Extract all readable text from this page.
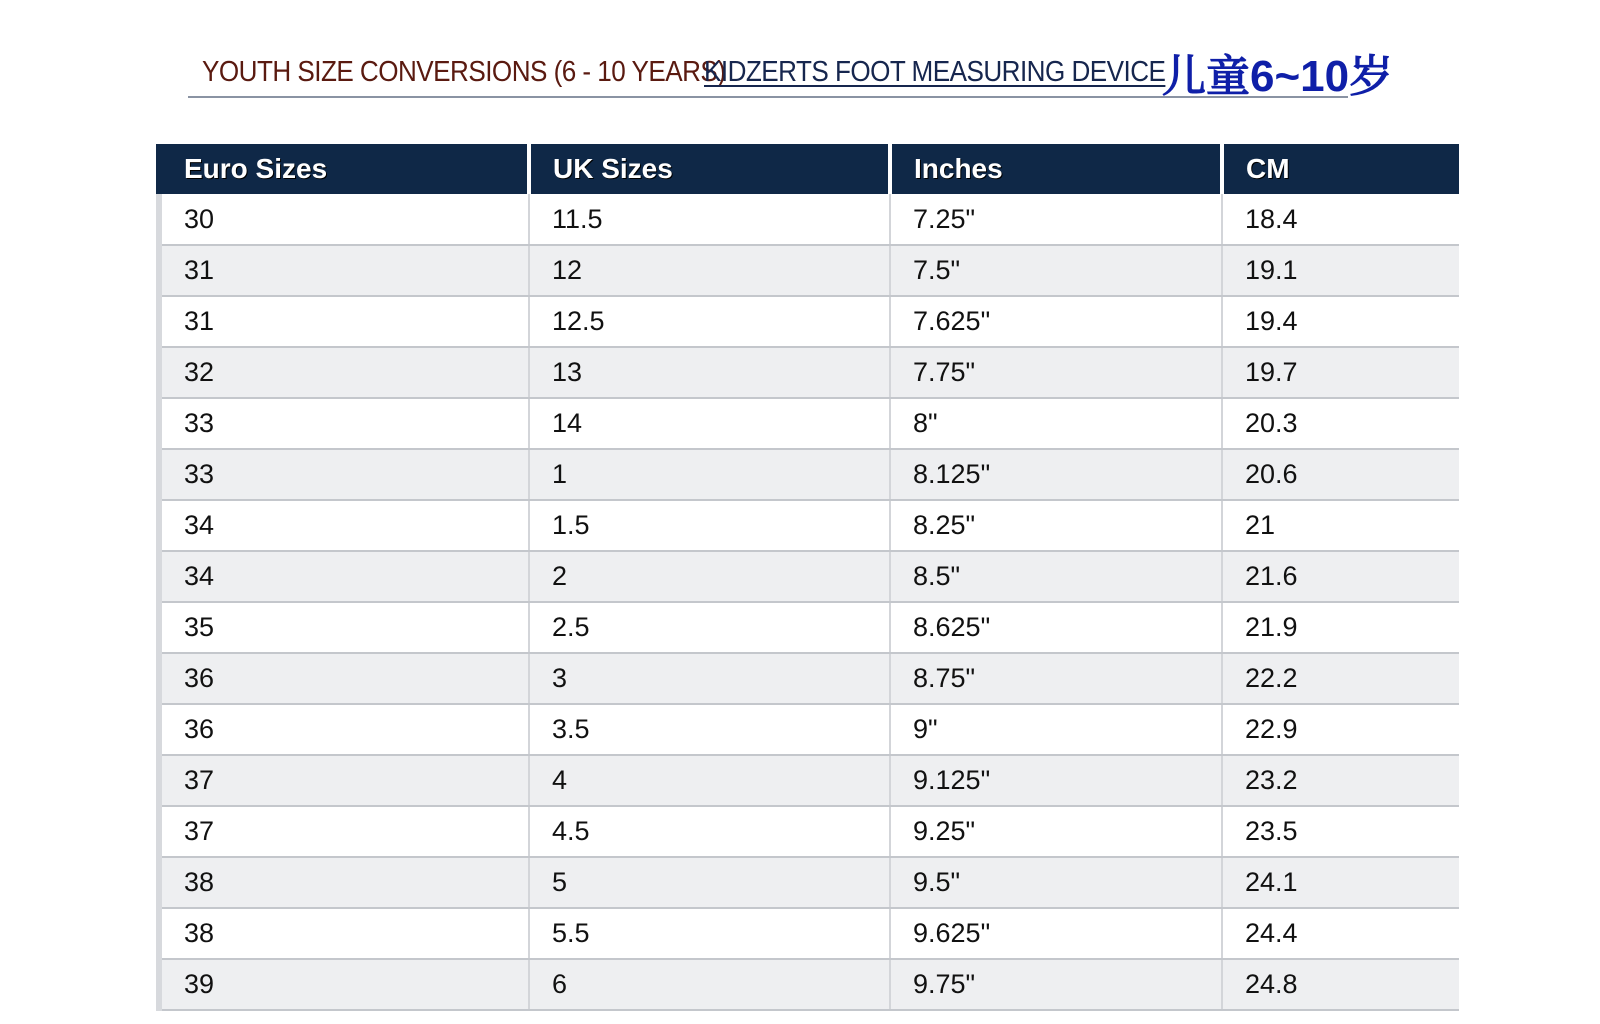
YOUTH SIZE CONVERSIONS (6 - 10 YEARS)
KIDZERTS FOOT MEASURING DEVICE
儿童6~10岁
Euro Sizes	UK Sizes	Inches	CM
30	11.5	7.25"	18.4
31	12	7.5"	19.1
31	12.5	7.625"	19.4
32	13	7.75"	19.7
33	14	8"	20.3
33	1	8.125"	20.6
34	1.5	8.25"	21
34	2	8.5"	21.6
35	2.5	8.625"	21.9
36	3	8.75"	22.2
36	3.5	9"	22.9
37	4	9.125"	23.2
37	4.5	9.25"	23.5
38	5	9.5"	24.1
38	5.5	9.625"	24.4
39	6	9.75"	24.8
